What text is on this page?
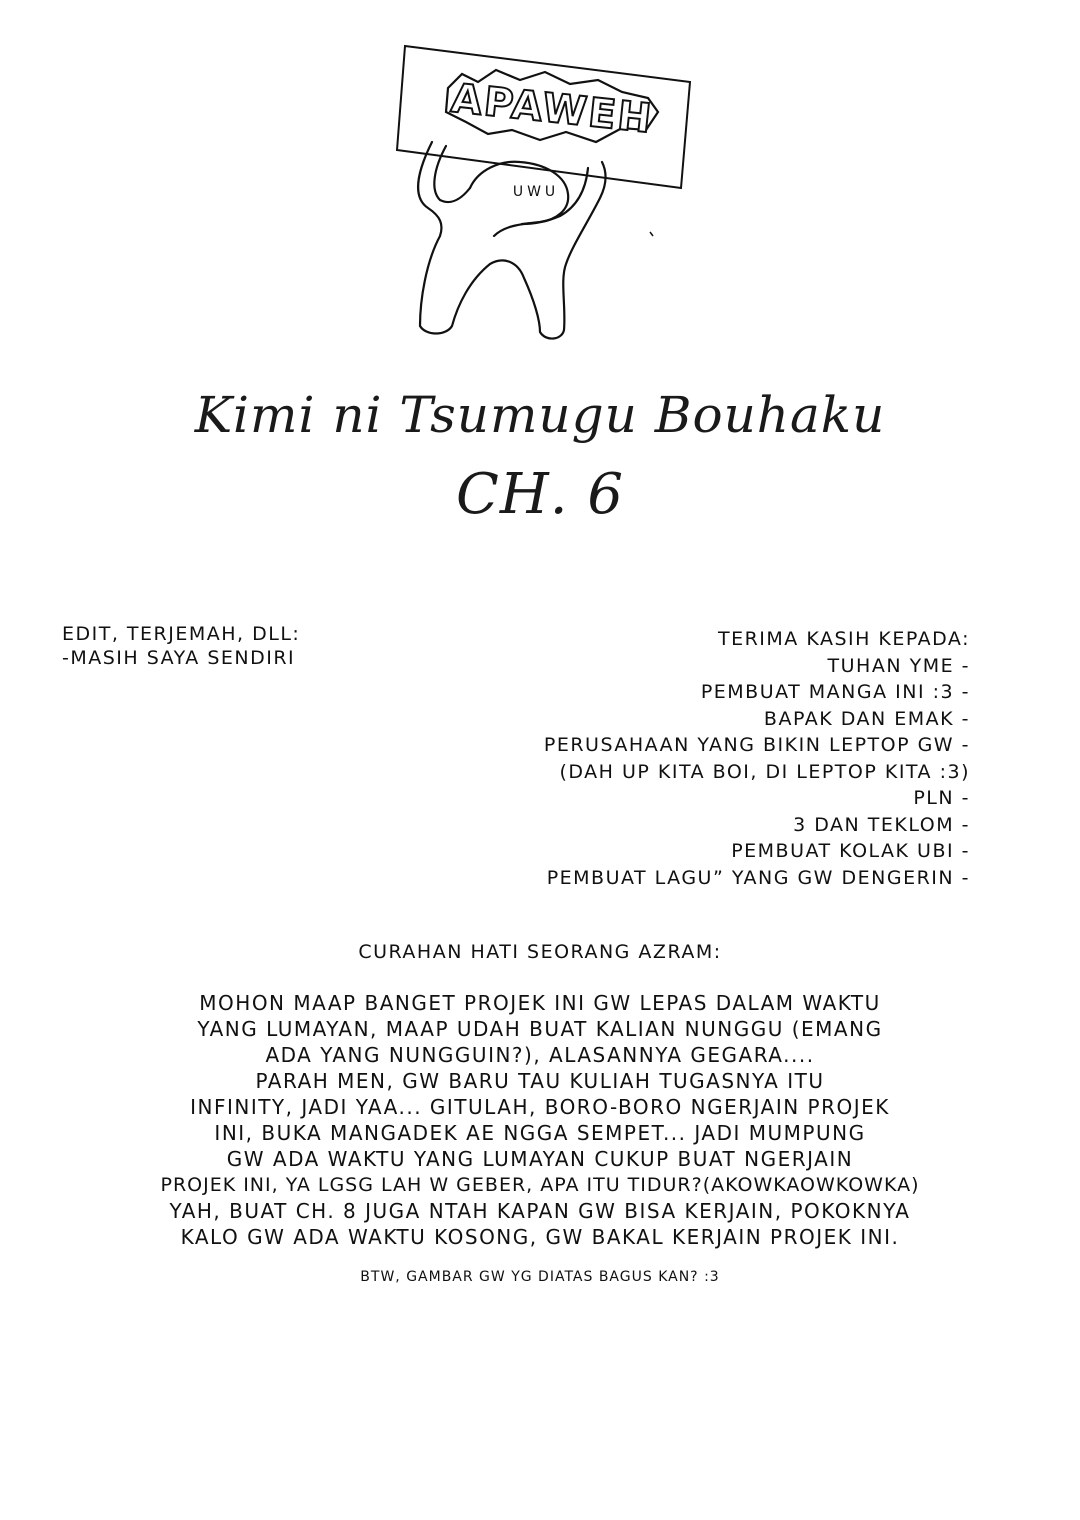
APAWEH
UWU
Kimi ni Tsumugu Bouhaku
CH. 6
EDIT, TERJEMAH, DLL:
-MASIH SAYA SENDIRI
TERIMA KASIH KEPADA:
TUHAN YME -
PEMBUAT MANGA INI :3 -
BAPAK DAN EMAK -
PERUSAHAAN YANG BIKIN LEPTOP GW -
(DAH UP KITA BOI, DI LEPTOP KITA :3)
PLN -
3 DAN TEKLOM -
PEMBUAT KOLAK UBI -
PEMBUAT LAGU” YANG GW DENGERIN -
CURAHAN HATI SEORANG AZRAM:
MOHON MAAP BANGET PROJEK INI GW LEPAS DALAM WAKTU
YANG LUMAYAN, MAAP UDAH BUAT KALIAN NUNGGU (EMANG
ADA YANG NUNGGUIN?), ALASANNYA GEGARA....
PARAH MEN, GW BARU TAU KULIAH TUGASNYA ITU
INFINITY, JADI YAA... GITULAH, BORO-BORO NGERJAIN PROJEK
INI, BUKA MANGADEK AE NGGA SEMPET... JADI MUMPUNG
GW ADA WAKTU YANG LUMAYAN CUKUP BUAT NGERJAIN
PROJEK INI, YA LGSG LAH W GEBER, APA ITU TIDUR?(AKOWKAOWKOWKA)
YAH, BUAT CH. 8 JUGA NTAH KAPAN GW BISA KERJAIN, POKOKNYA
KALO GW ADA WAKTU KOSONG, GW BAKAL KERJAIN PROJEK INI.
BTW, GAMBAR GW YG DIATAS BAGUS KAN? :3
